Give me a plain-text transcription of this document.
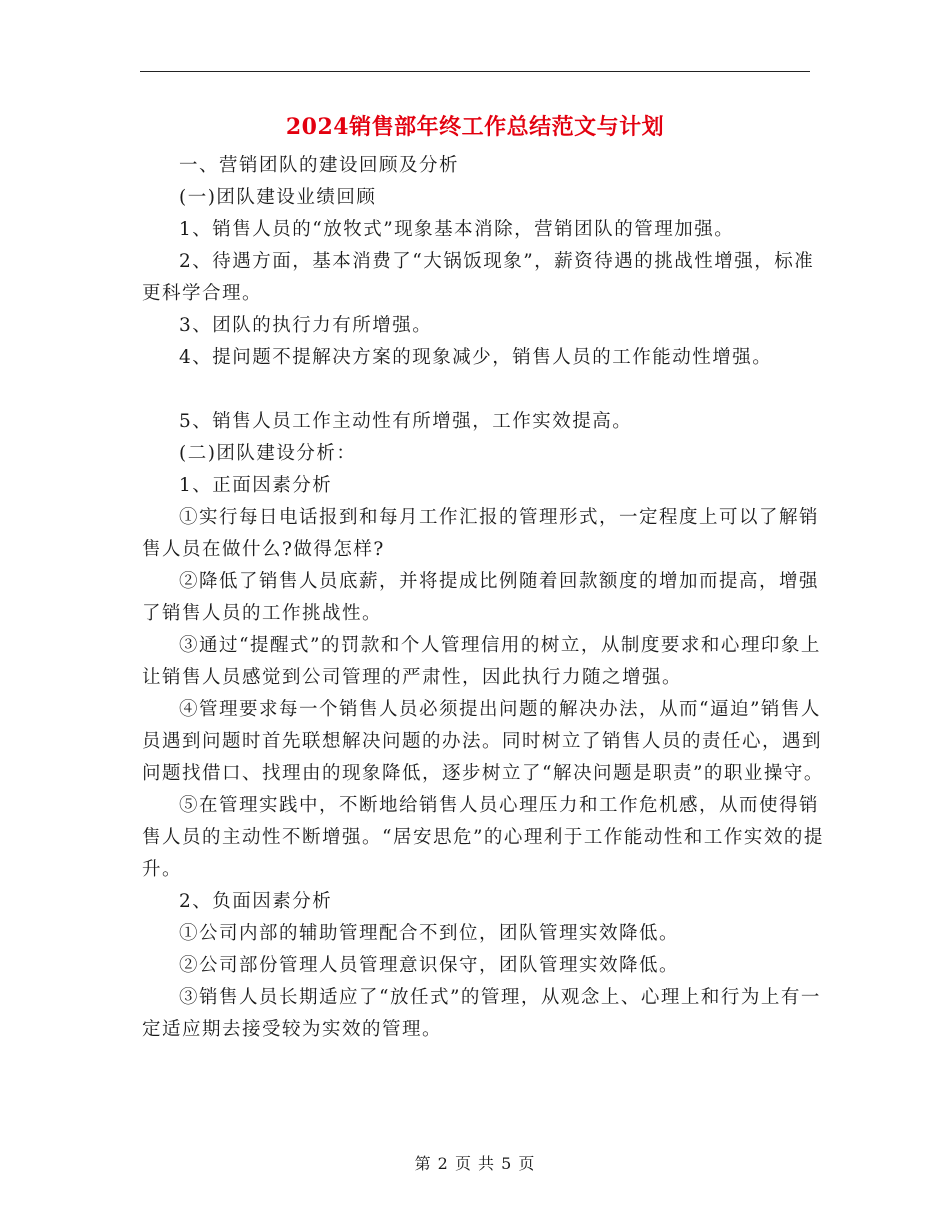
2024销售部年终工作总结范文与计划

一、营销团队的建设回顾及分析

(一)团队建设业绩回顾

1、销售人员的“放牧式”现象基本消除，营销团队的管理加强。

2、待遇方面，基本消费了“大锅饭现象”，薪资待遇的挑战性增强，标准更科学合理。

3、团队的执行力有所增强。

4、提问题不提解决方案的现象减少，销售人员的工作能动性增强。

5、销售人员工作主动性有所增强，工作实效提高。

(二)团队建设分析：

1、正面因素分析

①实行每日电话报到和每月工作汇报的管理形式，一定程度上可以了解销售人员在做什么?做得怎样?

②降低了销售人员底薪，并将提成比例随着回款额度的增加而提高，增强了销售人员的工作挑战性。

③通过“提醒式”的罚款和个人管理信用的树立，从制度要求和心理印象上让销售人员感觉到公司管理的严肃性，因此执行力随之增强。

④管理要求每一个销售人员必须提出问题的解决办法，从而“逼迫”销售人员遇到问题时首先联想解决问题的办法。同时树立了销售人员的责任心，遇到问题找借口、找理由的现象降低，逐步树立了“解决问题是职责”的职业操守。

⑤在管理实践中，不断地给销售人员心理压力和工作危机感，从而使得销售人员的主动性不断增强。“居安思危”的心理利于工作能动性和工作实效的提升。

2、负面因素分析

①公司内部的辅助管理配合不到位，团队管理实效降低。

②公司部份管理人员管理意识保守，团队管理实效降低。

③销售人员长期适应了“放任式”的管理，从观念上、心理上和行为上有一定适应期去接受较为实效的管理。

第 2 页 共 5 页
